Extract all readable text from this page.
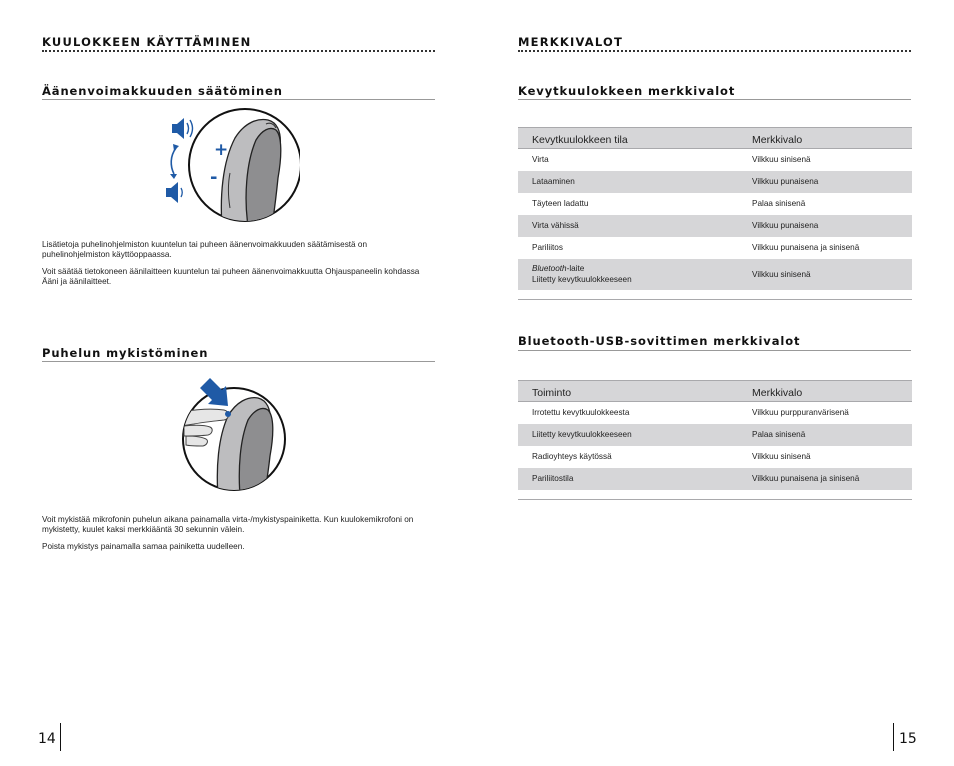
KUULOKKEEN KÄYTTÄMINEN
Äänenvoimakkuuden säätöminen
+
-
Lisätietoja puhelinohjelmiston kuuntelun tai puheen äänenvoimakkuuden säätämisestä on puhelinohjelmiston käyttöoppaassa.
Voit säätää tietokoneen äänilaitteen kuuntelun tai puheen äänenvoimakkuutta Ohjauspaneelin kohdassa Ääni ja äänilaitteet.
Puhelun mykistöminen
Voit mykistää mikrofonin puhelun aikana painamalla virta-/mykistyspainiketta. Kun kuulokemikrofoni on mykistetty, kuulet kaksi merkkiääntä 30 sekunnin välein.
Poista mykistys painamalla samaa painiketta uudelleen.
14
MERKKIVALOT
Kevytkuulokkeen merkkivalot
Kevytkuulokkeen tila	Merkkivalo
Virta	Vilkkuu sinisenä
Lataaminen	Vilkkuu punaisena
Täyteen ladattu	Palaa sinisenä
Virta vähissä	Vilkkuu punaisena
Pariliitos	Vilkkuu punaisena ja sinisenä
Bluetooth-laite
Liitetty kevytkuulokkeeseen	Vilkkuu sinisenä

Bluetooth-USB-sovittimen merkkivalot
Toiminto	Merkkivalo
Irrotettu kevytkuulokkeesta	Vilkkuu purppuranvärisenä
Liitetty kevytkuulokkeeseen	Palaa sinisenä
Radioyhteys käytössä	Vilkkuu sinisenä
Pariliitostila	Vilkkuu punaisena ja sinisenä

15
